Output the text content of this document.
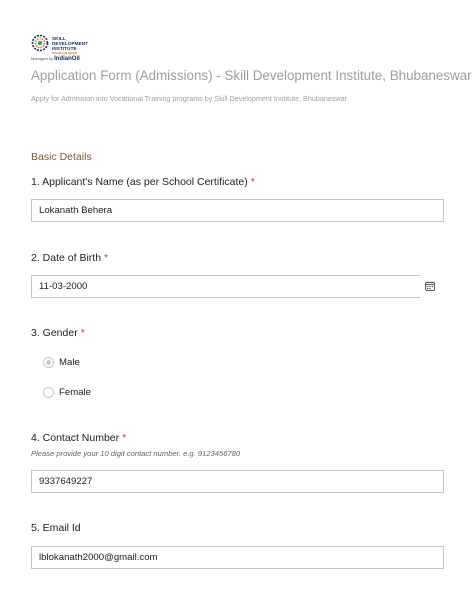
SKILL
DEVELOPMENT
INSTITUTE
BHUBANESWAR
Managed by IndianOil
Application Form (Admissions) - Skill Development Institute, Bhubaneswar
Apply for Admission into Vocational Training programs by Skill Development Institute, Bhubaneswar
Basic Details
1. Applicant's Name (as per School Certificate) *
Lokanath Behera
2. Date of Birth *
11-03-2000
3. Gender *
Male
Female
4. Contact Number *
Please provide your 10 digit contact number. e.g. 9123456780
9337649227
5. Email Id
lblokanath2000@gmail.com
